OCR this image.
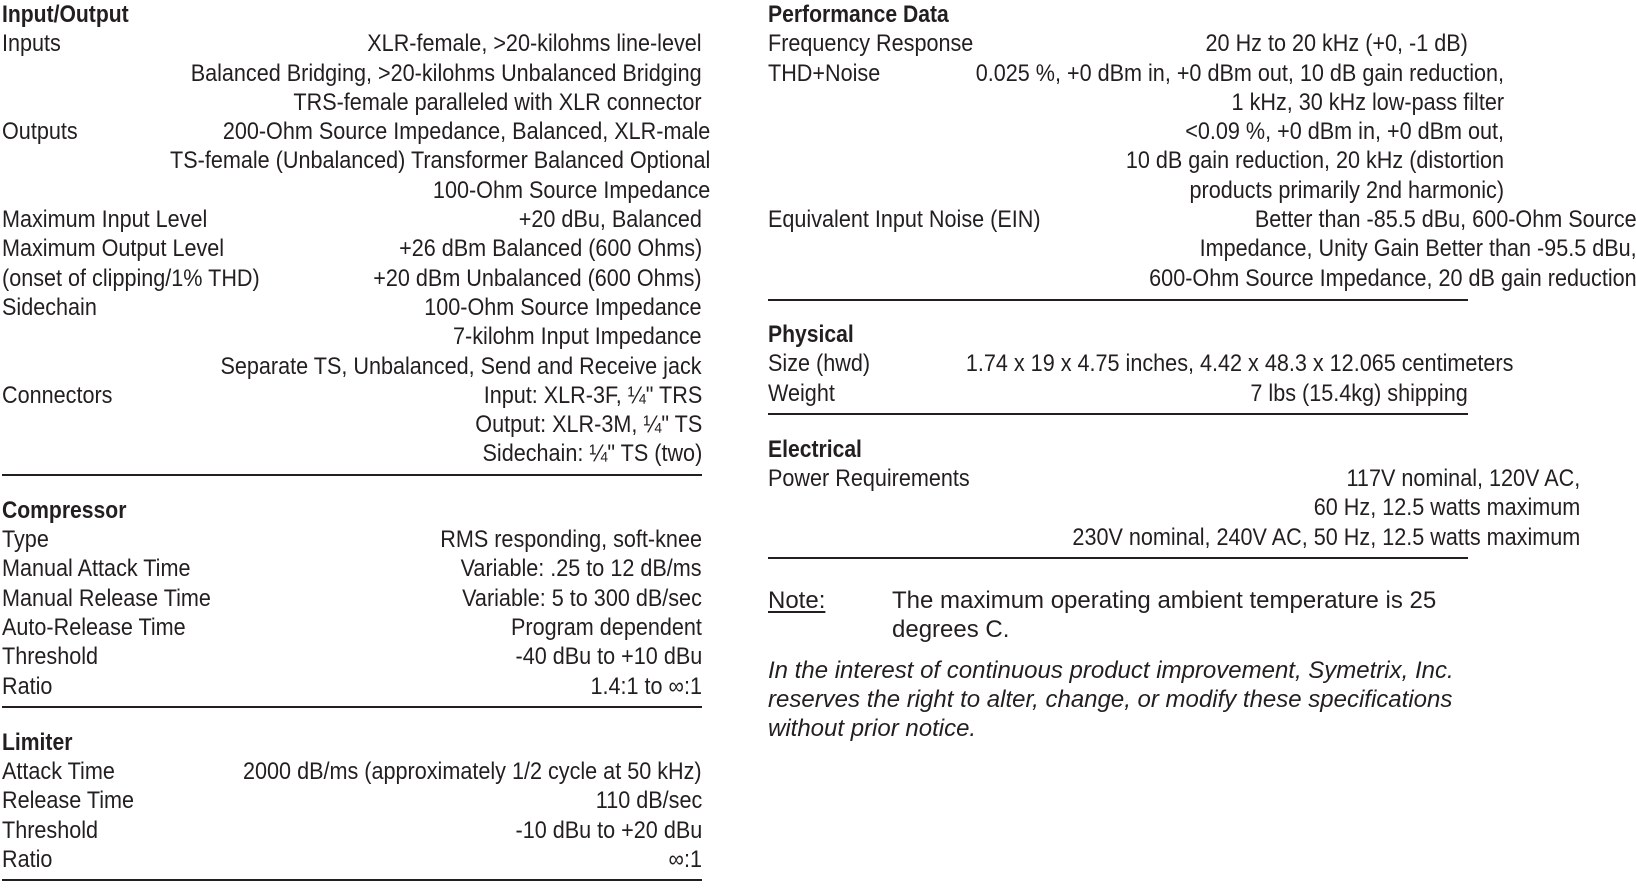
Input/Output
Inputs	XLR-female, >20-kilohms line-level
Balanced Bridging, >20-kilohms Unbalanced Bridging
TRS-female paralleled with XLR connector
Outputs	200-Ohm Source Impedance, Balanced, XLR-male
TS-female (Unbalanced) Transformer Balanced Optional
100-Ohm Source Impedance
Maximum Input Level	+20 dBu, Balanced
Maximum Output Level	+26 dBm Balanced (600 Ohms)
(onset of clipping/1% THD)	+20 dBm Unbalanced (600 Ohms)
Sidechain	100-Ohm Source Impedance
7-kilohm Input Impedance
Separate TS, Unbalanced, Send and Receive jack
Connectors	Input: XLR-3F, ¼" TRS
Output: XLR-3M, ¼" TS
Sidechain: ¼" TS (two)
Compressor
Type	RMS responding, soft-knee
Manual Attack Time	Variable: .25 to 12 dB/ms
Manual Release Time	Variable: 5 to 300 dB/sec
Auto-Release Time	Program dependent
Threshold	-40 dBu to +10 dBu
Ratio	1.4:1 to ∞:1
Limiter
Attack Time	2000 dB/ms (approximately 1/2 cycle at 50 kHz)
Release Time	110 dB/sec
Threshold	-10 dBu to +20 dBu
Ratio	∞:1
Performance Data
Frequency Response	20 Hz to 20 kHz (+0, -1 dB)
THD+Noise	0.025 %, +0 dBm in, +0 dBm out, 10 dB gain reduction,
1 kHz, 30 kHz low-pass filter
<0.09 %, +0 dBm in, +0 dBm out,
10 dB gain reduction, 20 kHz (distortion
products primarily 2nd harmonic)
Equivalent Input Noise (EIN)	Better than -85.5 dBu, 600-Ohm Source
Impedance, Unity Gain Better than -95.5 dBu,
600-Ohm Source Impedance, 20 dB gain reduction
Physical
Size (hwd)	1.74 x 19 x 4.75 inches, 4.42 x 48.3 x 12.065 centimeters
Weight	7 lbs (15.4kg) shipping
Electrical
Power Requirements	117V nominal, 120V AC,
60 Hz, 12.5 watts maximum
230V nominal, 240V AC, 50 Hz, 12.5 watts maximum
Note:	The maximum operating ambient temperature is 25
degrees C.
In the interest of continuous product improvement, Symetrix, Inc.
reserves the right to alter, change, or modify these specifications
without prior notice.
